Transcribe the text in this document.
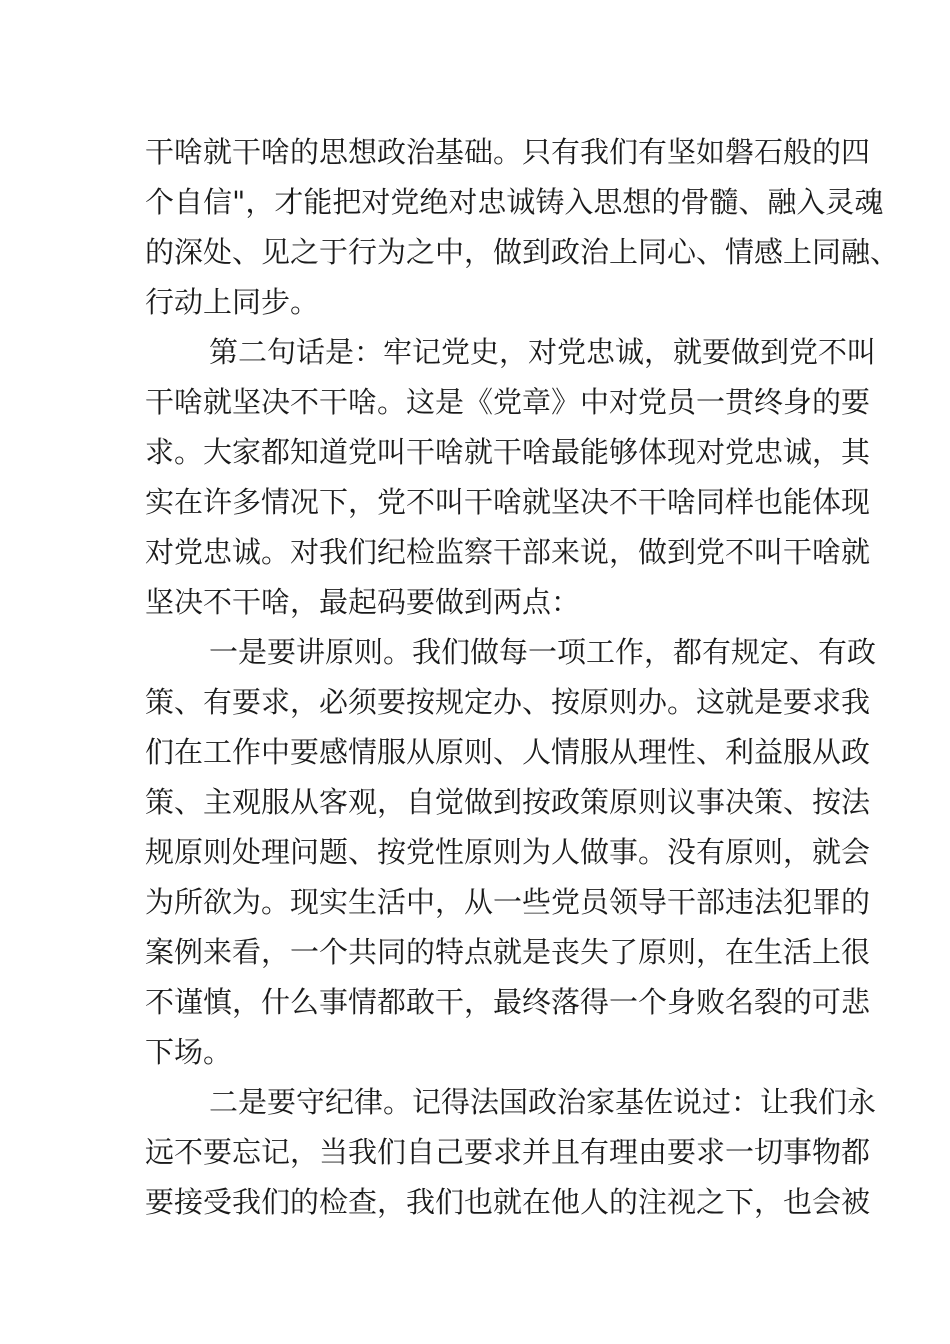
干啥就干啥的思想政治基础。只有我们有坚如磐石般的四
个自信"，才能把对党绝对忠诚铸入思想的骨髓、融入灵魂
的深处、见之于行为之中，做到政治上同心、情感上同融、
行动上同步。

第二句话是：牢记党史，对党忠诚，就要做到党不叫
干啥就坚决不干啥。这是《党章》中对党员一贯终身的要
求。大家都知道党叫干啥就干啥最能够体现对党忠诚，其
实在许多情况下，党不叫干啥就坚决不干啥同样也能体现
对党忠诚。对我们纪检监察干部来说，做到党不叫干啥就
坚决不干啥，最起码要做到两点：

一是要讲原则。我们做每一项工作，都有规定、有政
策、有要求，必须要按规定办、按原则办。这就是要求我
们在工作中要感情服从原则、人情服从理性、利益服从政
策、主观服从客观，自觉做到按政策原则议事决策、按法
规原则处理问题、按党性原则为人做事。没有原则，就会
为所欲为。现实生活中，从一些党员领导干部违法犯罪的
案例来看，一个共同的特点就是丧失了原则，在生活上很
不谨慎，什么事情都敢干，最终落得一个身败名裂的可悲
下场。

二是要守纪律。记得法国政治家基佐说过：让我们永
远不要忘记，当我们自己要求并且有理由要求一切事物都
要接受我们的检查，我们也就在他人的注视之下，也会被
